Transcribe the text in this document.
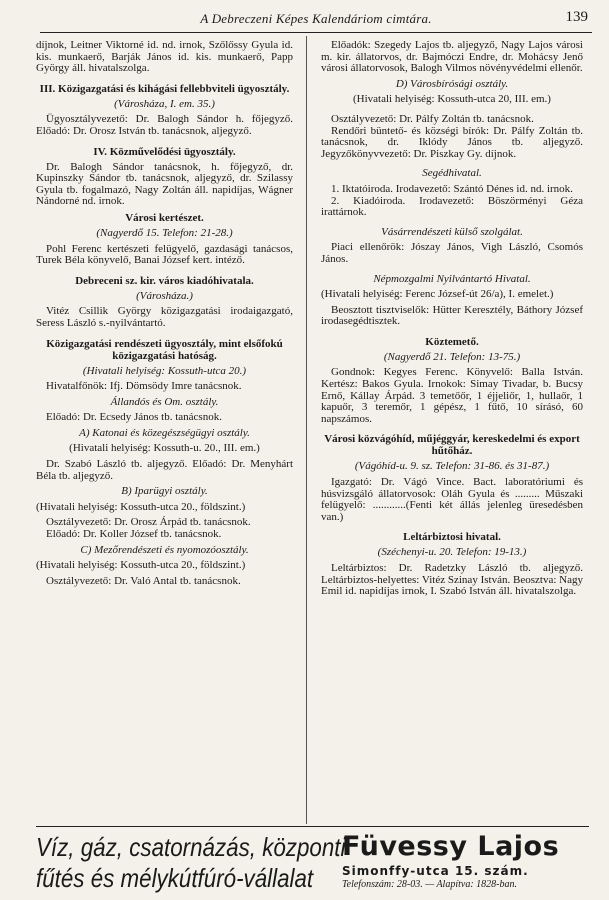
A Debreczeni Képes Kalendáriom cimtára.	139

díjnok, Leitner Viktorné id. nd. irnok, Szőlőssy Gyula id. kis. munkaerő, Barják János id. kis. munkaerő, Papp György áll. hivatalszolga.

III. Közigazgatási és kihágási fellebbviteli ügyosztály.
(Városháza, I. em. 35.)

Ügyosztályvezető: Dr. Balogh Sándor h. főjegyző. Előadó: Dr. Orosz István tb. tanácsnok, aljegyző.

IV. Közművelődési ügyosztály.

Dr. Balogh Sándor tanácsnok, h. főjegyző, dr. Kupinszky Sándor tb. tanácsnok, aljegyző, dr. Szilassy Gyula tb. fogalmazó, Nagy Zoltán áll. napidíjas, Wágner Nándorné nd. irnok.

Városi kertészet.
(Nagyerdő 15. Telefon: 21-28.)

Pohl Ferenc kertészeti felügyelő, gazdasági tanácsos, Turek Béla könyvelő, Banai József kert. intéző.

Debreceni sz. kir. város kiadóhivatala.
(Városháza.)

Vitéz Csillik György közigazgatási irodaigazgató, Seress László s.-nyilvántartó.

Közigazgatási rendészeti ügyosztály, mint elsőfokú közigazgatási hatóság.
(Hivatali helyiség: Kossuth-utca 20.)

Hivatalfőnök: Ifj. Dömsödy Imre tanácsnok.

Állandós és Om. osztály.

Előadó: Dr. Ecsedy János tb. tanácsnok.

A) Katonai és közegészségügyi osztály.
(Hivatali helyiség: Kossuth-u. 20., III. em.)

Dr. Szabó László tb. aljegyző. Előadó: Dr. Menyhárt Béla tb. aljegyző.

B) Iparügyi osztály.

(Hivatali helyiség: Kossuth-utca 20., földszint.)

Osztályvezető: Dr. Orosz Árpád tb. tanácsnok.

Előadó: Dr. Koller József tb. tanácsnok.

C) Mezőrendészeti és nyomozóosztály.

(Hivatali helyiség: Kossuth-utca 20., földszint.)

Osztályvezető: Dr. Való Antal tb. tanácsnok.

Előadók: Szegedy Lajos tb. aljegyző, Nagy Lajos városi m. kir. állatorvos, dr. Bajmóczi Endre, dr. Mohácsy Jenő városi állatorvosok, Balogh Vilmos növényvédelmi ellenőr.

D) Városbírósági osztály.
(Hivatali helyiség: Kossuth-utca 20, III. em.)

Osztályvezető: Dr. Pálfy Zoltán tb. tanácsnok.

Rendőri büntető- és községi bírók: Dr. Pálfy Zoltán tb. tanácsnok, dr. Iklódy János tb. aljegyző. Jegyzőkönyvvezető: Dr. Piszkay Gy. díjnok.

Segédhivatal.

1. Iktatóiroda. Irodavezető: Szántó Dénes id. nd. irnok.

2. Kiadóiroda. Irodavezető: Böszörményi Géza irattárnok.

Vásárrendészeti külső szolgálat.

Piaci ellenőrök: Jószay János, Vigh László, Csomós János.

Népmozgalmi Nyilvántartó Hivatal.

(Hivatali helyiség: Ferenc József-út 26/a), I. emelet.)

Beosztott tisztviselők: Hütter Keresztély, Báthory József irodasegédtisztek.

Köztemető.
(Nagyerdő 21. Telefon: 13-75.)

Gondnok: Kegyes Ferenc. Könyvelő: Balla István. Kertész: Bakos Gyula. Irnokok: Simay Tivadar, b. Bucsy Ernő, Kállay Árpád. 3 temetőőr, 1 éjjeliőr, 1, hullaőr, 1 kapuőr, 3 teremőr, 1 gépész, 1 fűtő, 10 sírásó, 60 napszámos.

Városi közvágóhíd, műjéggyár, kereskedelmi és export hűtőház.
(Vágóhíd-u. 9. sz. Telefon: 31-86. és 31-87.)

Igazgató: Dr. Vágó Vince. Bact. laboratóriumi és húsvizsgáló állatorvosok: Oláh Gyula és ......... Műszaki felügyelő: ............(Fenti két állás jelenleg üresedésben van.)

Leltárbiztosi hivatal.
(Széchenyi-u. 20. Telefon: 19-13.)

Leltárbiztos: Dr. Radetzky László tb. aljegyző. Leltárbiztos-helyettes: Vitéz Szinay István. Beosztva: Nagy Emil id. napidíjas irnok, I. Szabó István áll. hivatalszolga.

Víz, gáz, csatornázás, központi
fűtés és mélykútfúró-vállalat
Füvessy Lajos
Simonffy-utca 15. szám.
Telefonszám: 28-03. — Alapítva: 1828-ban.
